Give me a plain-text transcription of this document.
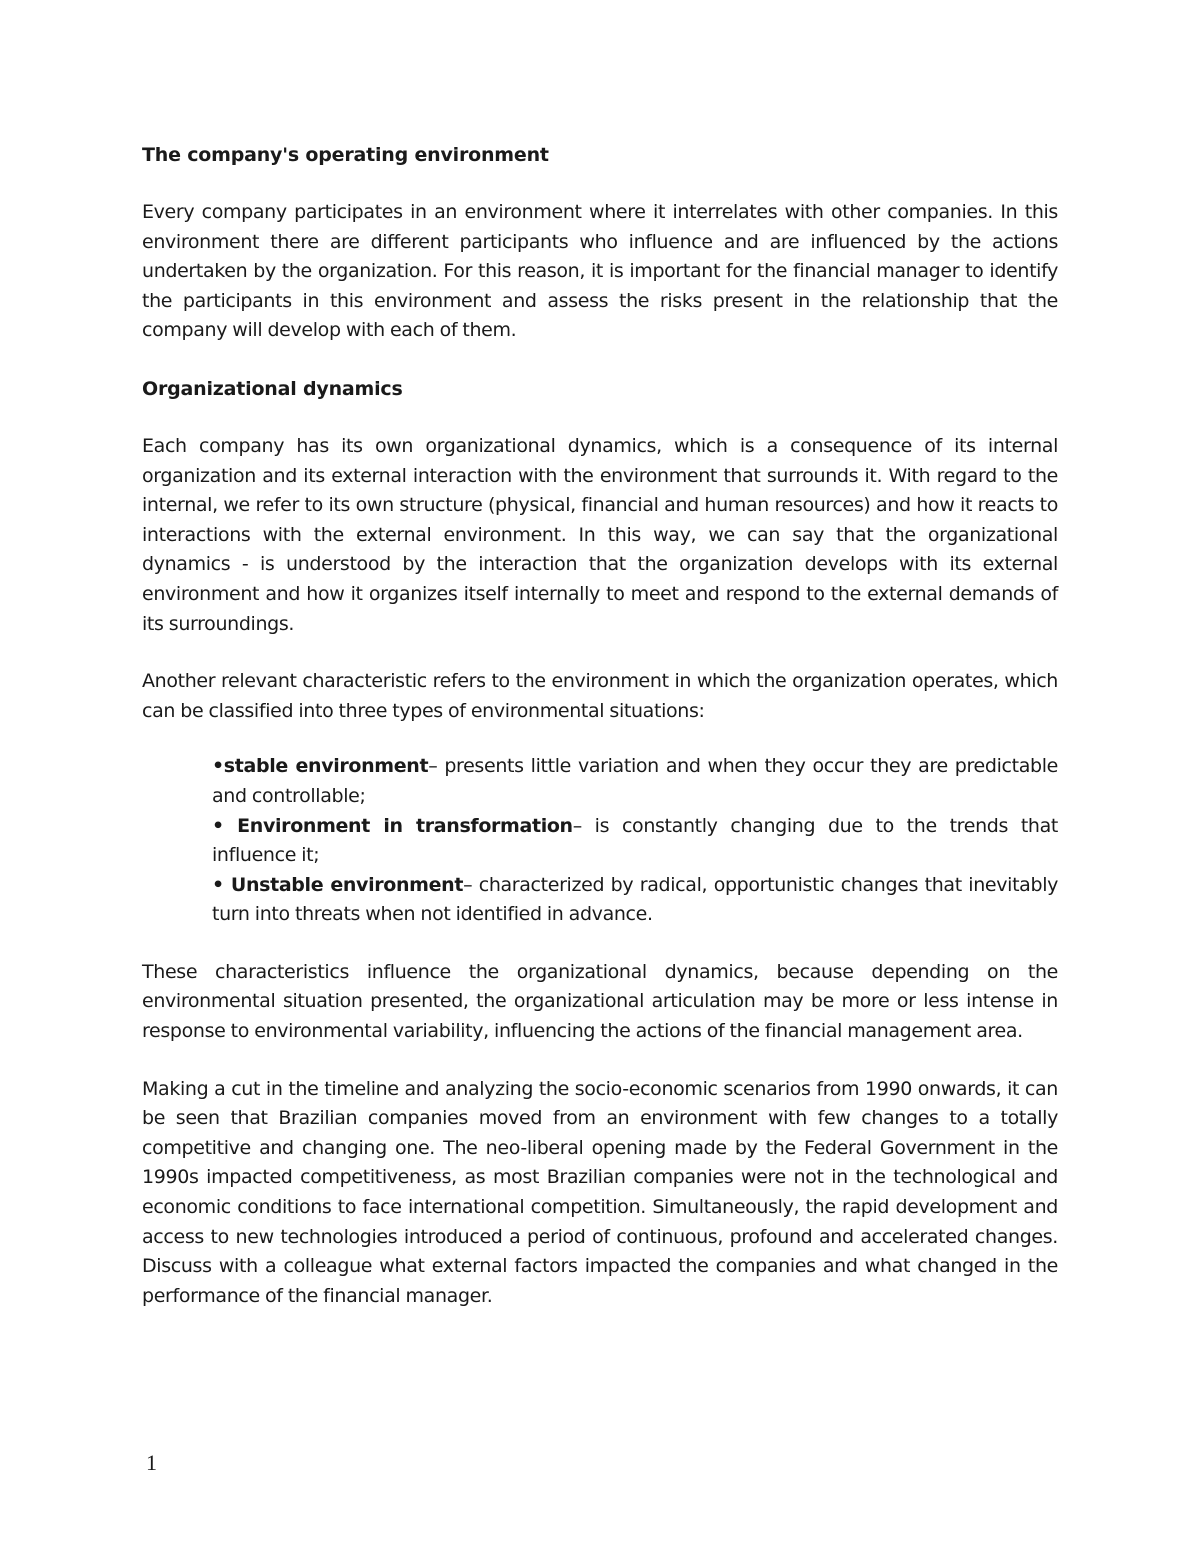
The company's operating environment
Every company participates in an environment where it interrelates with other companies. In this environment there are different participants who influence and are influenced by the actions undertaken by the organization. For this reason, it is important for the financial manager to identify the participants in this environment and assess the risks present in the relationship that the company will develop with each of them.
Organizational dynamics
Each company has its own organizational dynamics, which is a consequence of its internal organization and its external interaction with the environment that surrounds it. With regard to the internal, we refer to its own structure (physical, financial and human resources) and how it reacts to interactions with the external environment. In this way, we can say that the organizational dynamics - is understood by the interaction that the organization develops with its external environment and how it organizes itself internally to meet and respond to the external demands of its surroundings.
Another relevant characteristic refers to the environment in which the organization operates, which can be classified into three types of environmental situations:
•stable environment– presents little variation and when they occur they are predictable and controllable;
• Environment in transformation– is constantly changing due to the trends that influence it;
• Unstable environment– characterized by radical, opportunistic changes that inevitably turn into threats when not identified in advance.
These characteristics influence the organizational dynamics, because depending on the environmental situation presented, the organizational articulation may be more or less intense in response to environmental variability, influencing the actions of the financial management area.
Making a cut in the timeline and analyzing the socio-economic scenarios from 1990 onwards, it can be seen that Brazilian companies moved from an environment with few changes to a totally competitive and changing one. The neo-liberal opening made by the Federal Government in the 1990s impacted competitiveness, as most Brazilian companies were not in the technological and economic conditions to face international competition. Simultaneously, the rapid development and access to new technologies introduced a period of continuous, profound and accelerated changes. Discuss with a colleague what external factors impacted the companies and what changed in the performance of the financial manager.
1
